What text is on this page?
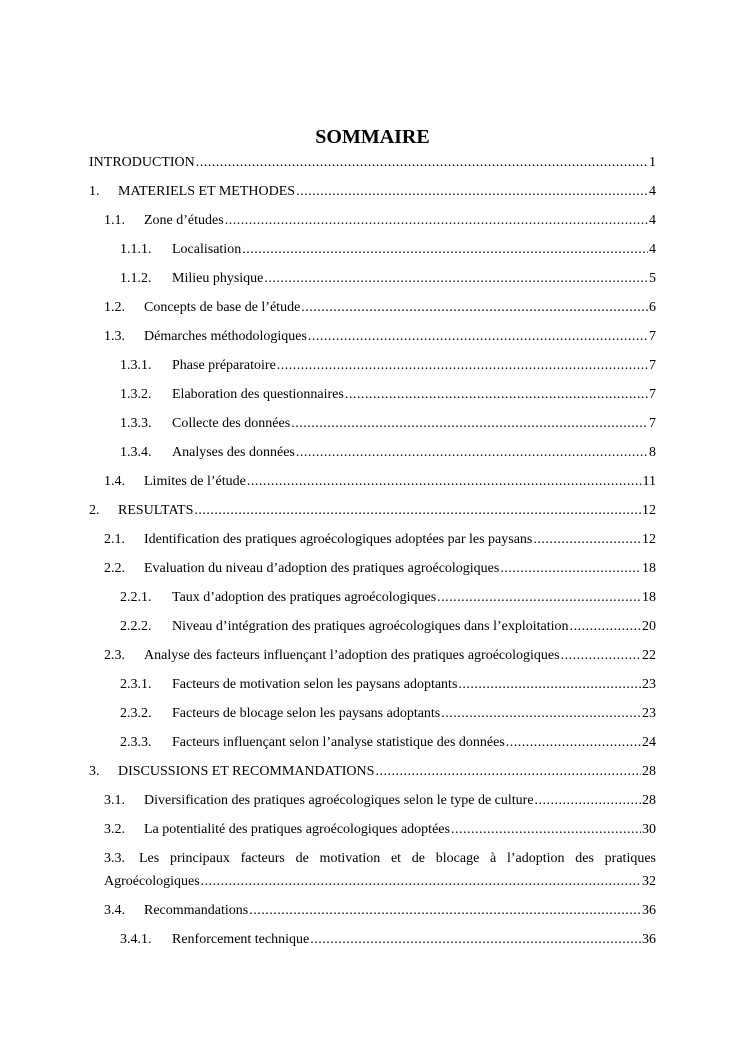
SOMMAIRE
INTRODUCTION .....	1
1.	MATERIELS ET METHODES .....	4
1.1.	Zone d’études .....	4
1.1.1.	Localisation .....	4
1.1.2.	Milieu physique .....	5
1.2.	Concepts de base de l’étude .....	6
1.3.	Démarches méthodologiques .....	7
1.3.1.	Phase préparatoire .....	7
1.3.2.	Elaboration des questionnaires .....	7
1.3.3.	Collecte des données .....	7
1.3.4.	Analyses des données .....	8
1.4.	Limites de l’étude .....	11
2.	RESULTATS .....	12
2.1.	Identification des pratiques agroécologiques adoptées par les paysans .....	12
2.2.	Evaluation du niveau d’adoption des pratiques agroécologiques .....	18
2.2.1.	Taux d’adoption des pratiques agroécologiques .....	18
2.2.2.	Niveau d’intégration des pratiques agroécologiques dans l’exploitation .....	20
2.3.	Analyse des facteurs influençant l’adoption des pratiques agroécologiques .....	22
2.3.1.	Facteurs de motivation selon les paysans adoptants .....	23
2.3.2.	Facteurs de blocage selon les paysans adoptants .....	23
2.3.3.	Facteurs influençant selon l’analyse statistique des données .....	24
3.	DISCUSSIONS ET RECOMMANDATIONS .....	28
3.1.	Diversification des pratiques agroécologiques selon le type de culture .....	28
3.2.	La potentialité des pratiques agroécologiques adoptées .....	30
3.3. Les principaux facteurs de motivation et de blocage à l’adoption des pratiques
Agroécologiques .....	32
3.4.	Recommandations .....	36
3.4.1.	Renforcement technique .....	36
